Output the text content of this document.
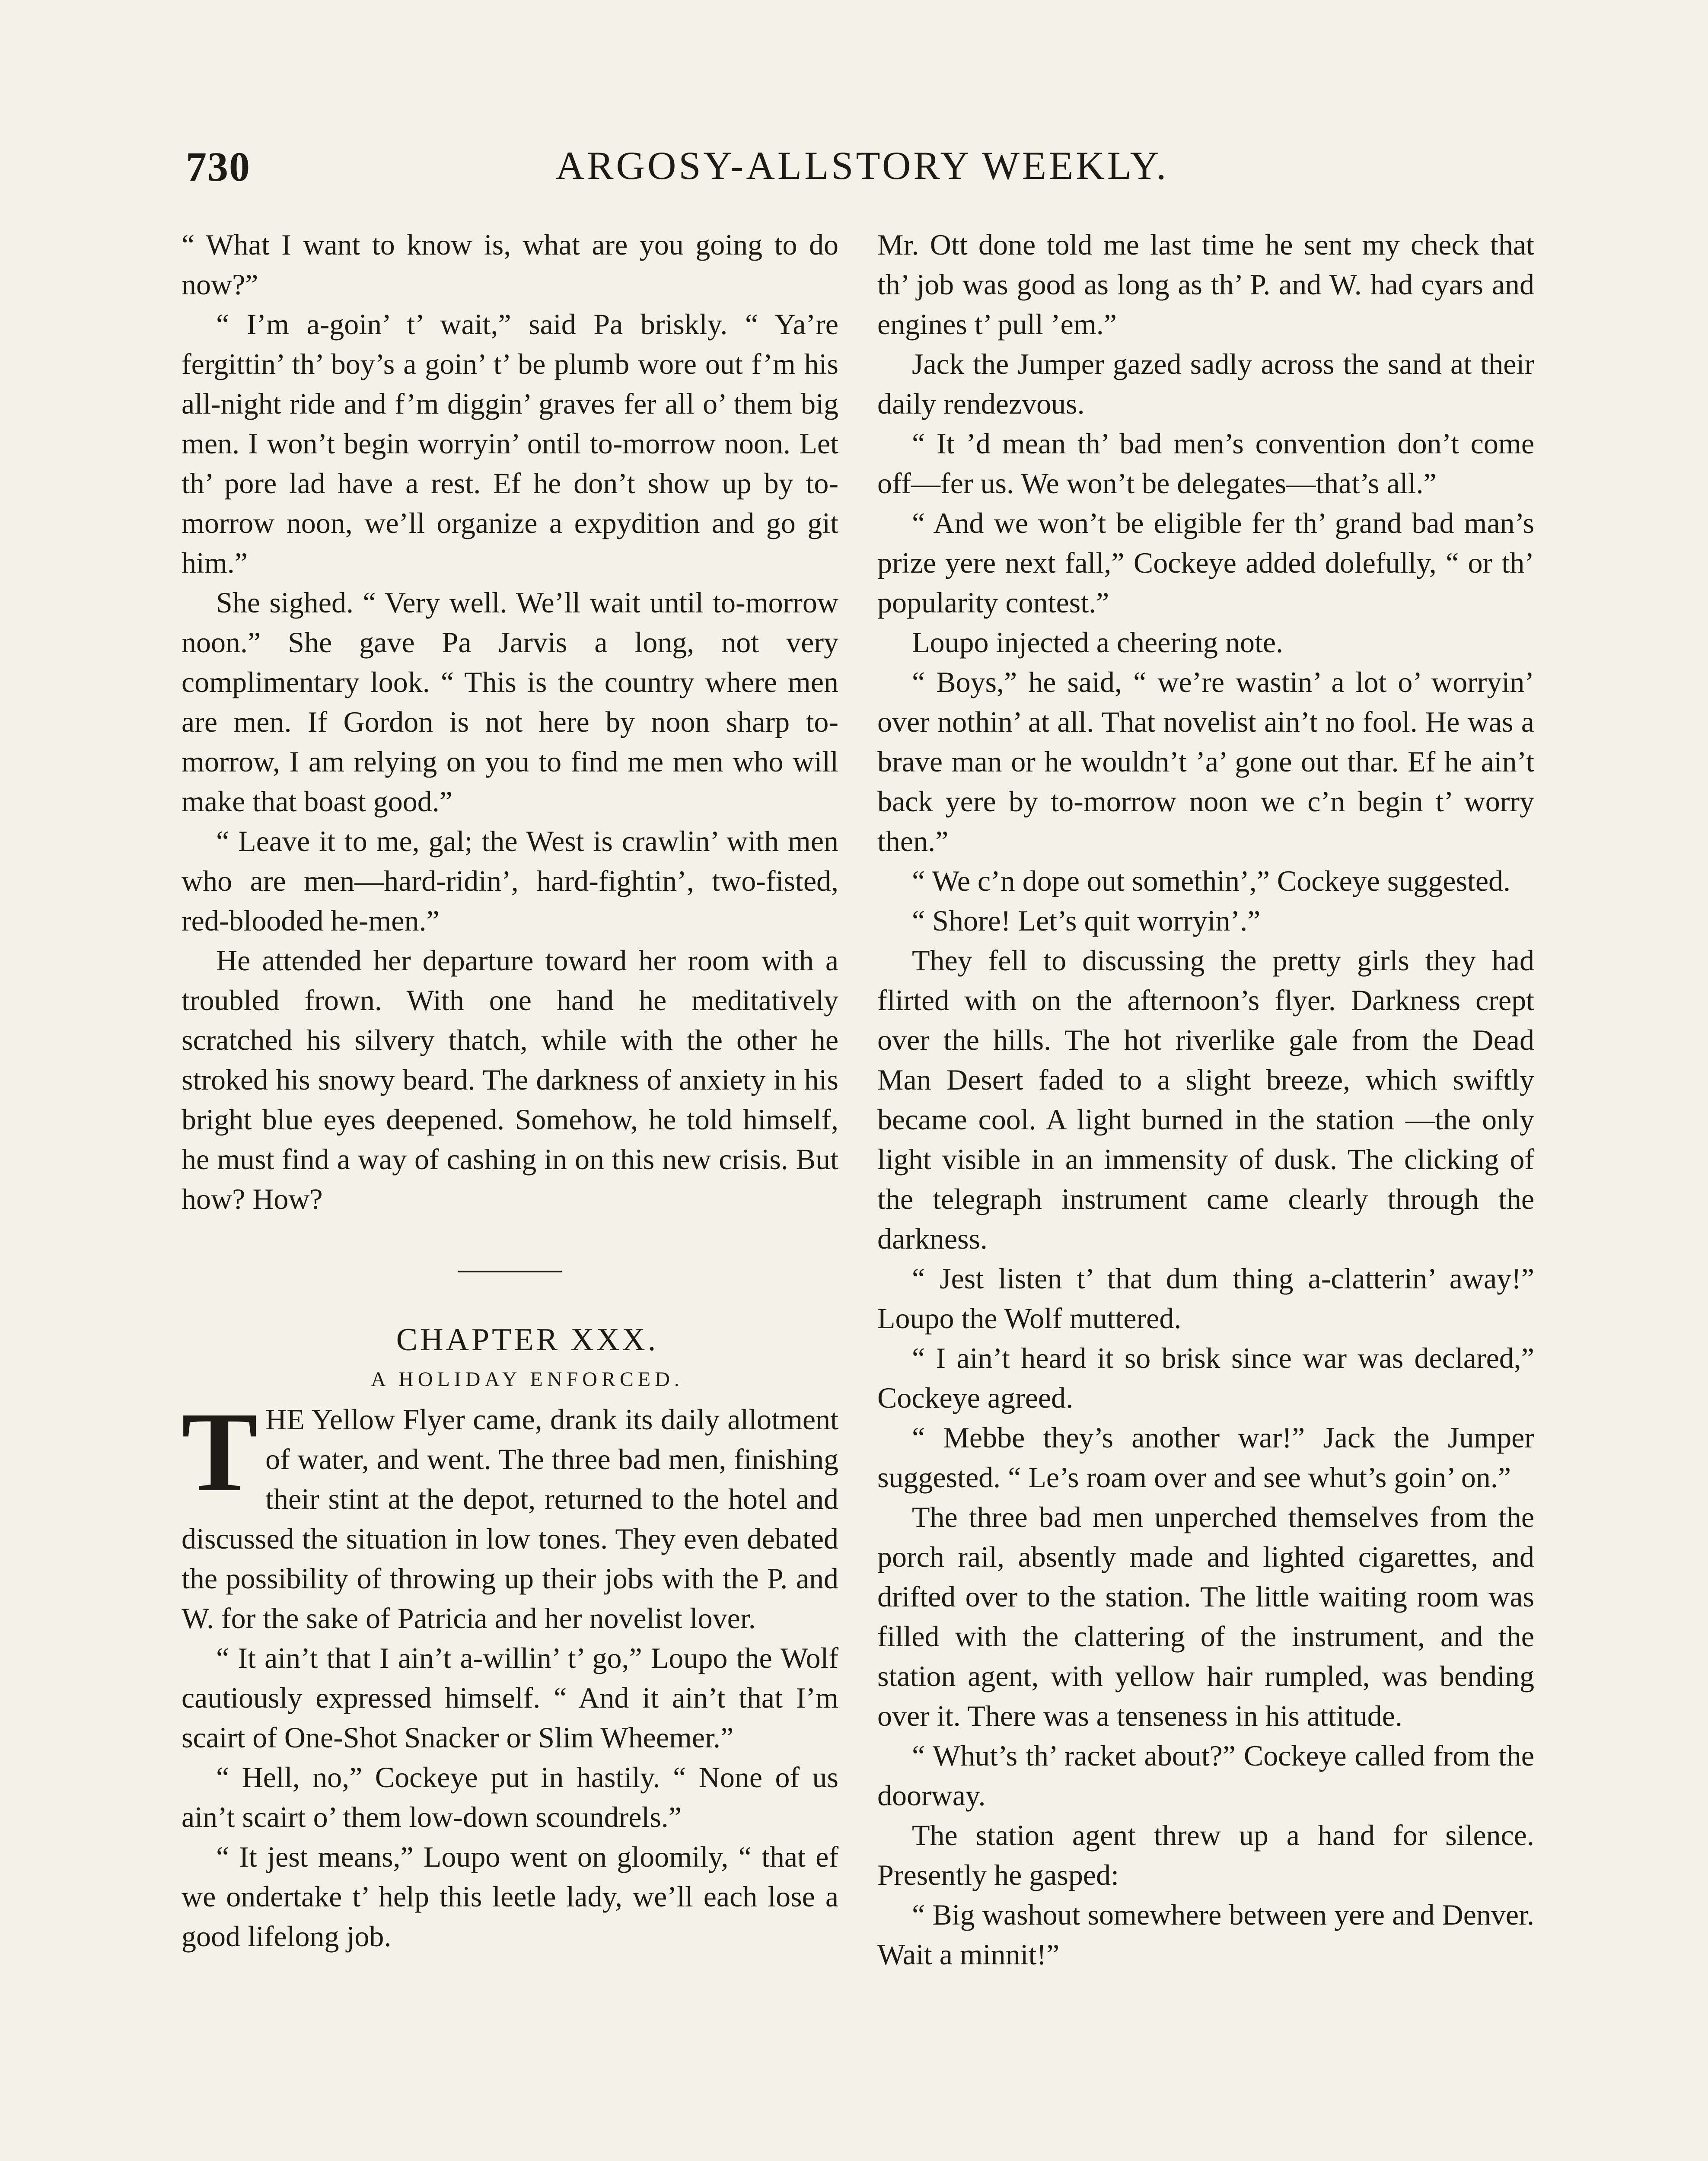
730	ARGOSY-ALLSTORY WEEKLY.

“ What I want to know is, what are you going to do now?”

“ I’m a-goin’ t’ wait,” said Pa briskly. “ Ya’re fergittin’ th’ boy’s a goin’ t’ be plumb wore out f’m his all-night ride and f’m diggin’ graves fer all o’ them big men. I won’t begin worryin’ ontil to-morrow noon. Let th’ pore lad have a rest. Ef he don’t show up by to-morrow noon, we’ll organize a expydition and go git him.”

She sighed. “ Very well. We’ll wait until to-morrow noon.” She gave Pa Jarvis a long, not very complimentary look. “ This is the country where men are men. If Gordon is not here by noon sharp to-morrow, I am relying on you to find me men who will make that boast good.”

“ Leave it to me, gal; the West is crawlin’ with men who are men—hard-ridin’, hard-fightin’, two-fisted, red-blooded he-men.”

He attended her departure toward her room with a troubled frown. With one hand he meditatively scratched his silvery thatch, while with the other he stroked his snowy beard. The darkness of anxiety in his bright blue eyes deepened. Somehow, he told himself, he must find a way of cashing in on this new crisis. But how? How?

CHAPTER XXX.

A HOLIDAY ENFORCED.

THE Yellow Flyer came, drank its daily allotment of water, and went. The three bad men, finishing their stint at the depot, returned to the hotel and discussed the situation in low tones. They even debated the possibility of throwing up their jobs with the P. and W. for the sake of Patricia and her novelist lover.

“ It ain’t that I ain’t a-willin’ t’ go,” Loupo the Wolf cautiously expressed himself. “ And it ain’t that I’m scairt of One-Shot Snacker or Slim Wheemer.”

“ Hell, no,” Cockeye put in hastily. “ None of us ain’t scairt o’ them low-down scoundrels.”

“ It jest means,” Loupo went on gloomily, “ that ef we ondertake t’ help this leetle lady, we’ll each lose a good lifelong job.

Mr. Ott done told me last time he sent my check that th’ job was good as long as th’ P. and W. had cyars and engines t’ pull ’em.”

Jack the Jumper gazed sadly across the sand at their daily rendezvous.

“ It ’d mean th’ bad men’s convention don’t come off—fer us. We won’t be delegates—that’s all.”

“ And we won’t be eligible fer th’ grand bad man’s prize yere next fall,” Cockeye added dolefully, “ or th’ popularity contest.”

Loupo injected a cheering note.

“ Boys,” he said, “ we’re wastin’ a lot o’ worryin’ over nothin’ at all. That novelist ain’t no fool. He was a brave man or he wouldn’t ’a’ gone out thar. Ef he ain’t back yere by to-morrow noon we c’n begin t’ worry then.”

“ We c’n dope out somethin’,” Cockeye suggested.

“ Shore! Let’s quit worryin’.”

They fell to discussing the pretty girls they had flirted with on the afternoon’s flyer. Darkness crept over the hills. The hot riverlike gale from the Dead Man Desert faded to a slight breeze, which swiftly became cool. A light burned in the station —the only light visible in an immensity of dusk. The clicking of the telegraph instrument came clearly through the darkness.

“ Jest listen t’ that dum thing a-clatterin’ away!” Loupo the Wolf muttered.

“ I ain’t heard it so brisk since war was declared,” Cockeye agreed.

“ Mebbe they’s another war!” Jack the Jumper suggested. “ Le’s roam over and see whut’s goin’ on.”

The three bad men unperched themselves from the porch rail, absently made and lighted cigarettes, and drifted over to the station. The little waiting room was filled with the clattering of the instrument, and the station agent, with yellow hair rumpled, was bending over it. There was a tenseness in his attitude.

“ Whut’s th’ racket about?” Cockeye called from the doorway.

The station agent threw up a hand for silence. Presently he gasped:

“ Big washout somewhere between yere and Denver. Wait a minnit!”
